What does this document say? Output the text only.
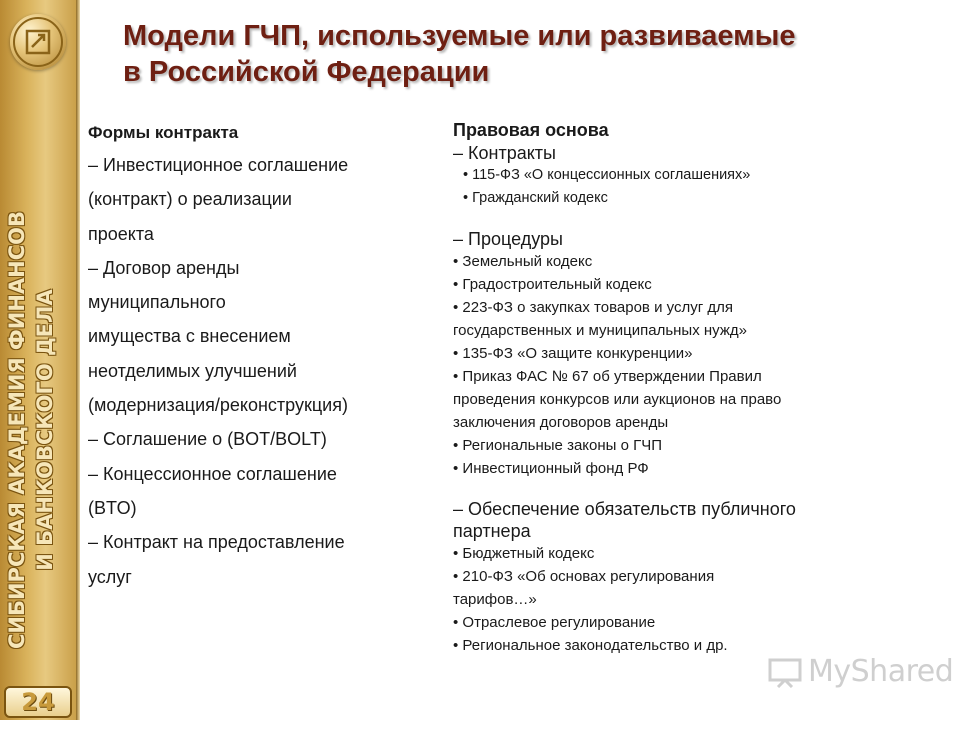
СИБИРСКАЯ АКАДЕМИЯ ФИНАНСОВ И БАНКОВСКОГО ДЕЛА
24
Модели ГЧП, используемые или развиваемые
в Российской Федерации
Формы контракта
– Инвестиционное соглашение
(контракт) о реализации
проекта
– Договор аренды
муниципального
имущества с внесением
неотделимых улучшений
(модернизация/реконструкция)
– Соглашение о (BOT/BOLT)
– Концессионное соглашение
(BTO)
– Контракт на предоставление
услуг
Правовая основа
– Контракты
• 115-ФЗ «О концессионных соглашениях»
• Гражданский кодекс
– Процедуры
• Земельный кодекс
• Градостроительный кодекс
• 223-ФЗ о закупках товаров и услуг для
государственных и муниципальных нужд»
• 135-ФЗ «О защите конкуренции»
• Приказ ФАС № 67 об утверждении Правил
проведения конкурсов или аукционов на право
заключения договоров аренды
• Региональные законы о ГЧП
• Инвестиционный фонд РФ
– Обеспечение обязательств публичного
партнера
• Бюджетный кодекс
• 210-ФЗ «Об основах регулирования
тарифов…»
• Отраслевое регулирование
• Региональное законодательство и др.
MyShared
